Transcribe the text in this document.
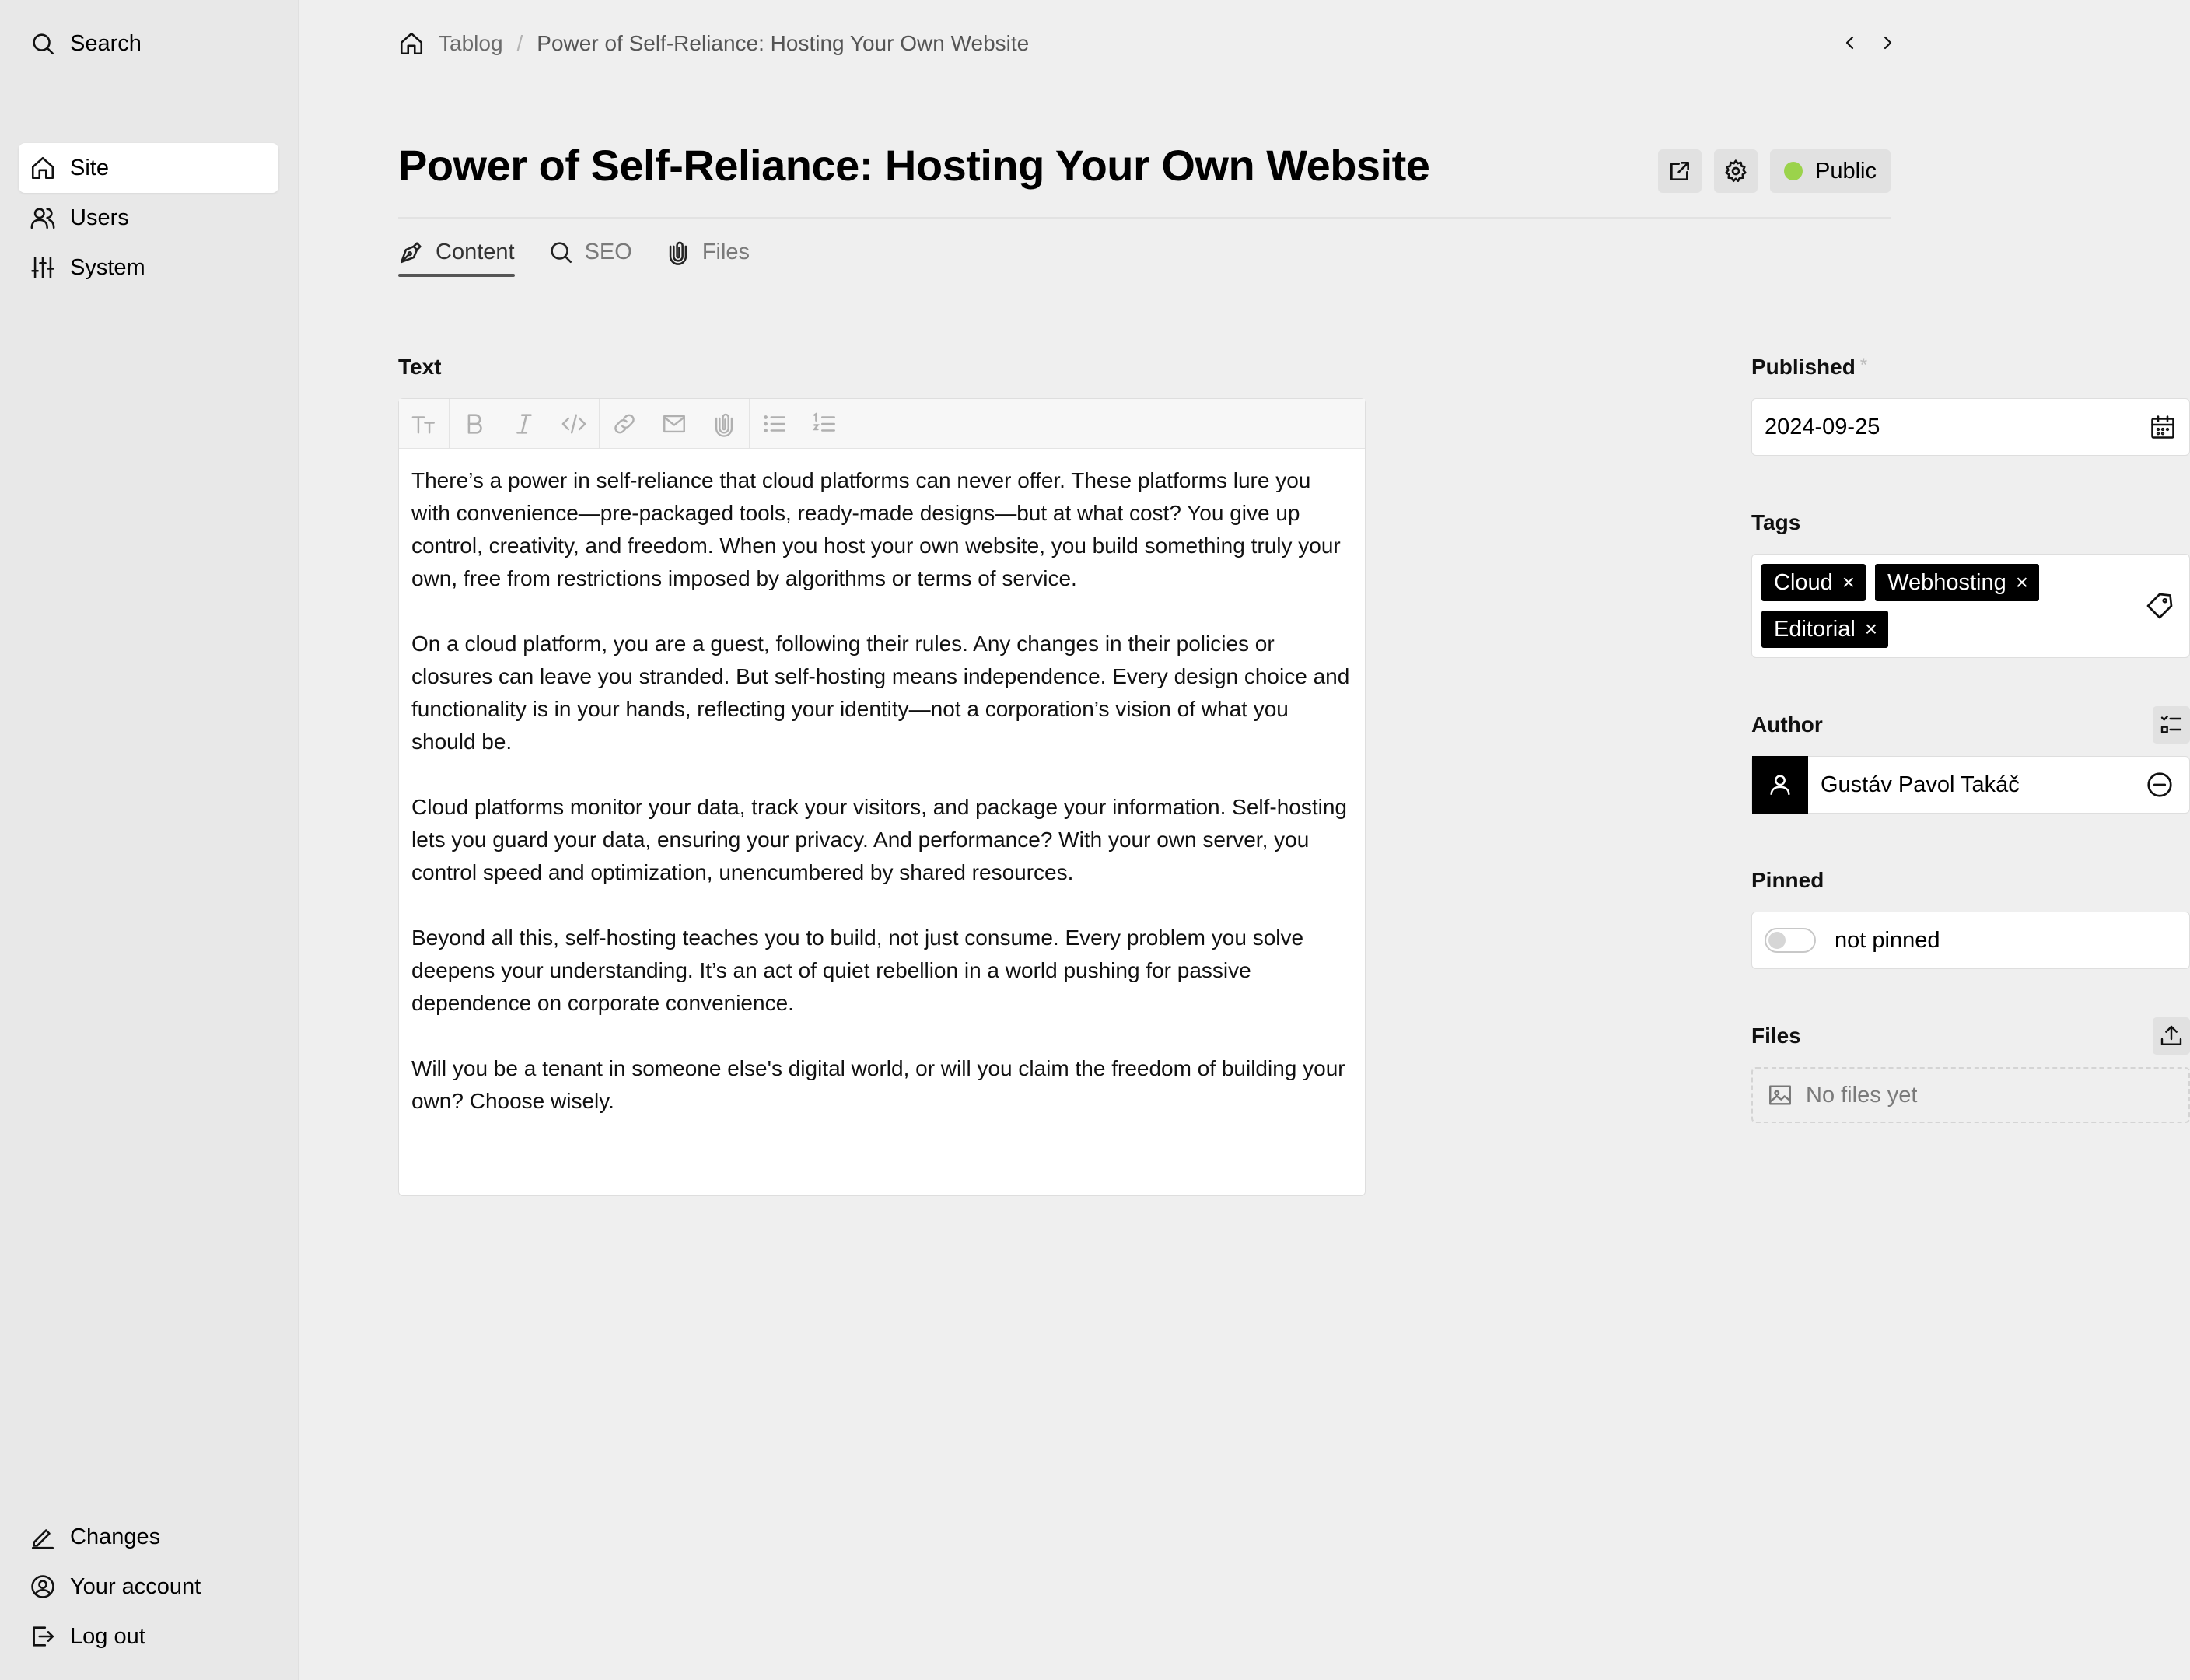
Search
Site
Users
System
Changes
Your account
Log out
Tablog / Power of Self-Reliance: Hosting Your Own Website
Power of Self-Reliance: Hosting Your Own Website	Public
Content	SEO	Files
Text

There’s a power in self-reliance that cloud platforms can never offer. These platforms lure you with convenience—pre-packaged tools, ready-made designs—but at what cost? You give up control, creativity, and freedom. When you host your own website, you build something truly your own, free from restrictions imposed by algorithms or terms of service.

On a cloud platform, you are a guest, following their rules. Any changes in their policies or closures can leave you stranded. But self-hosting means independence. Every design choice and functionality is in your hands, reflecting your identity—not a corporation’s vision of what you should be.

Cloud platforms monitor your data, track your visitors, and package your information. Self-hosting lets you guard your data, ensuring your privacy. And performance? With your own server, you control speed and optimization, unencumbered by shared resources.

Beyond all this, self-hosting teaches you to build, not just consume. Every problem you solve deepens your understanding. It’s an act of quiet rebellion in a world pushing for passive dependence on corporate convenience.

Will you be a tenant in someone else's digital world, or will you claim the freedom of building your own? Choose wisely.

Published *
2024-09-25
Tags
Cloud × Webhosting ×
Editorial ×
Author
Gustáv Pavol Takáč
Pinned
not pinned
Files
No files yet
